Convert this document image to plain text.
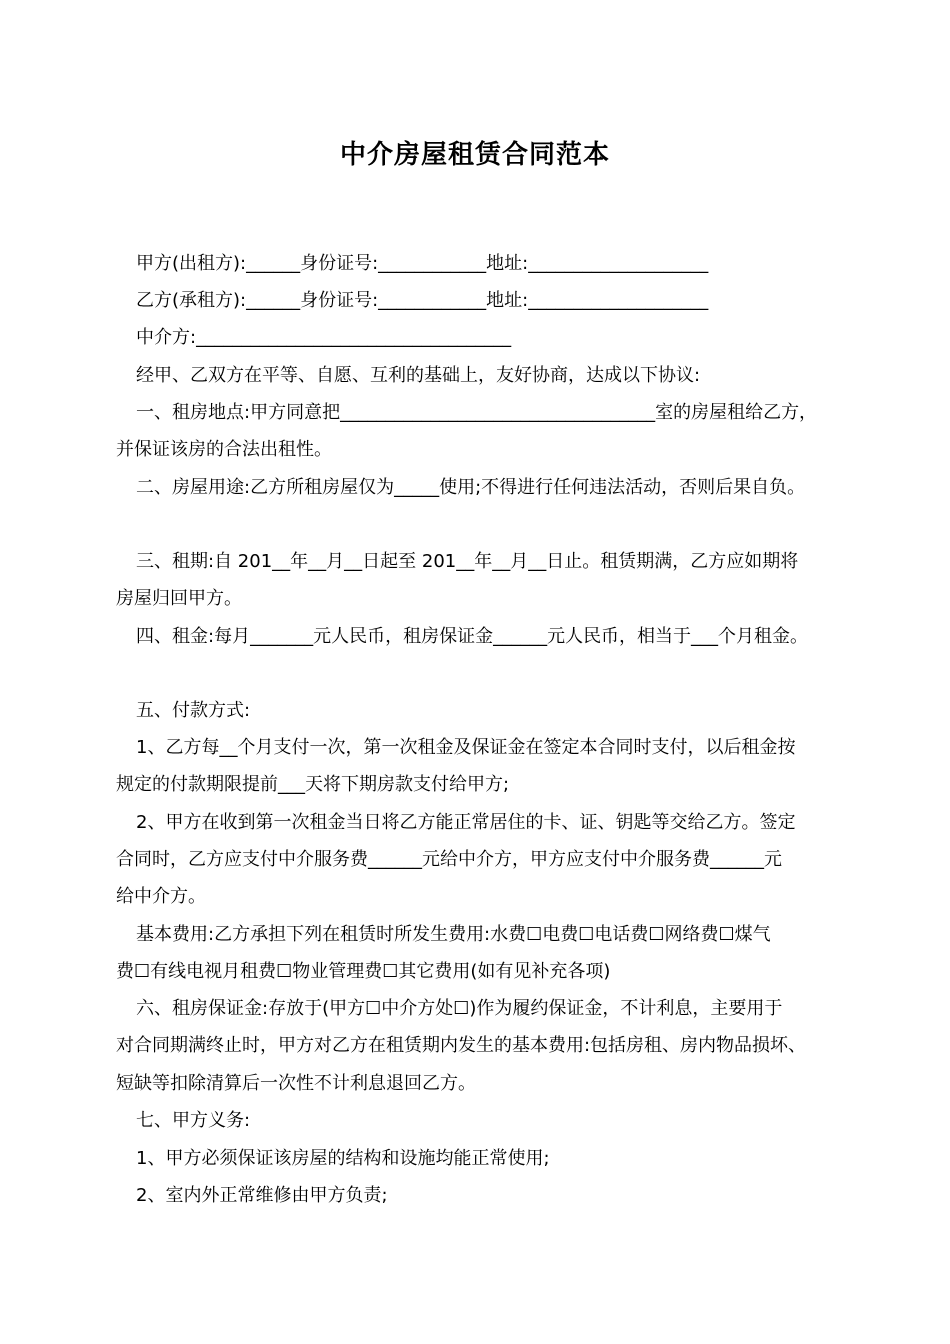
中介房屋租赁合同范本
甲方(出租方):______身份证号:____________地址:____________________
乙方(承租方):______身份证号:____________地址:____________________
中介方:___________________________________
经甲、乙双方在平等、自愿、互利的基础上，友好协商，达成以下协议:
一、租房地点:甲方同意把___________________________________室的房屋租给乙方，
并保证该房的合法出租性。
二、房屋用途:乙方所租房屋仅为_____使用;不得进行任何违法活动，否则后果自负。
三、租期:自 201__年__月__日起至 201__年__月__日止。租赁期满，乙方应如期将
房屋归回甲方。
四、租金:每月_______元人民币，租房保证金______元人民币，相当于___个月租金。
五、付款方式:
1、乙方每__个月支付一次，第一次租金及保证金在签定本合同时支付，以后租金按
规定的付款期限提前___天将下期房款支付给甲方;
2、甲方在收到第一次租金当日将乙方能正常居住的卡、证、钥匙等交给乙方。签定
合同时，乙方应支付中介服务费______元给中介方，甲方应支付中介服务费______元
给中介方。
基本费用:乙方承担下列在租赁时所发生费用:水费☐电费☐电话费☐网络费☐煤气
费☐有线电视月租费☐物业管理费☐其它费用(如有见补充各项)
六、租房保证金:存放于(甲方☐中介方处☐)作为履约保证金，不计利息，主要用于
对合同期满终止时，甲方对乙方在租赁期内发生的基本费用:包括房租、房内物品损坏、
短缺等扣除清算后一次性不计利息退回乙方。
七、甲方义务:
1、甲方必须保证该房屋的结构和设施均能正常使用;
2、室内外正常维修由甲方负责;
